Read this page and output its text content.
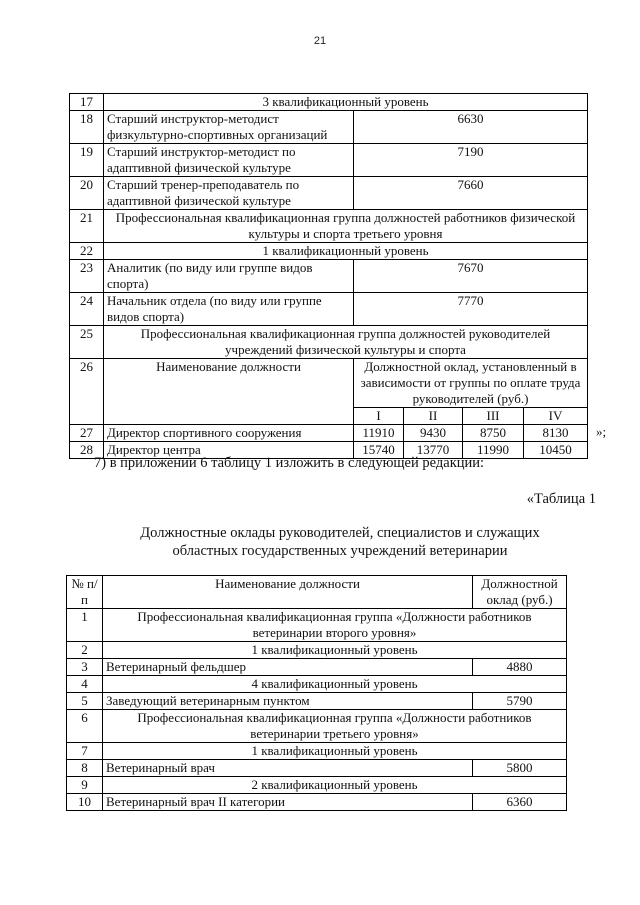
21
17	3 квалификационный уровень				
18	Старший инструктор-методист физкультурно-спортивных организаций	6630			
19	Старший инструктор-методист по адаптивной физической культуре	7190			
20	Старший тренер-преподаватель по адаптивной физической культуре	7660			
21	Профессиональная квалификационная группа должностей работников физической культуры и спорта третьего уровня				
22	1 квалификационный уровень				
23	Аналитик (по виду или группе видов спорта)	7670			
24	Начальник отдела (по виду или группе видов спорта)	7770			
25	Профессиональная квалификационная группа должностей руководителей учреждений физической культуры и спорта				
26	Наименование должности	Должностной оклад, установленный в зависимости от группы по оплате труда руководителей (руб.)			
		I	II	III	IV
27	Директор спортивного сооружения	11910	9430	8750	8130
28	Директор центра	15740	13770	11990	10450
»;
7) в приложении 6 таблицу 1 изложить в следующей редакции:
«Таблица 1
Должностные оклады руководителей, специалистов и служащих областных государственных учреждений ветеринарии
№ п/п	Наименование должности	Должностной оклад (руб.)
1	Профессиональная квалификационная группа «Должности работников ветеринарии второго уровня»	
2	1 квалификационный уровень	
3	Ветеринарный фельдшер	4880
4	4 квалификационный уровень	
5	Заведующий ветеринарным пунктом	5790
6	Профессиональная квалификационная группа «Должности работников ветеринарии третьего уровня»	
7	1 квалификационный уровень	
8	Ветеринарный врач	5800
9	2 квалификационный уровень	
10	Ветеринарный врач II категории	6360
